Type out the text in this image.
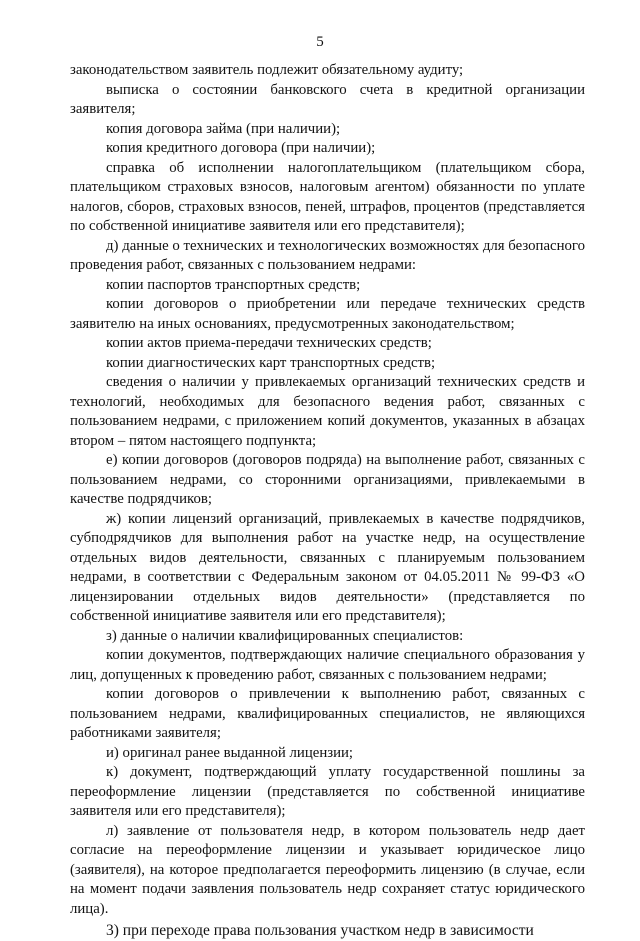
5

законодательством заявитель подлежит обязательному аудиту;

выписка о состоянии банковского счета в кредитной организации заявителя;

копия договора займа (при наличии);

копия кредитного договора (при наличии);

справка об исполнении налогоплательщиком (плательщиком сбора, плательщиком страховых взносов, налоговым агентом) обязанности по уплате налогов, сборов, страховых взносов, пеней, штрафов, процентов (представляется по собственной инициативе заявителя или его представителя);

д) данные о технических и технологических возможностях для безопасного проведения работ, связанных с пользованием недрами:

копии паспортов транспортных средств;

копии договоров о приобретении или передаче технических средств заявителю на иных основаниях, предусмотренных законодательством;

копии актов приема-передачи технических средств;

копии диагностических карт транспортных средств;

сведения о наличии у привлекаемых организаций технических средств и технологий, необходимых для безопасного ведения работ, связанных с пользованием недрами, с приложением копий документов, указанных в абзацах втором – пятом настоящего подпункта;

е) копии договоров (договоров подряда) на выполнение работ, связанных с пользованием недрами, со сторонними организациями, привлекаемыми в качестве подрядчиков;

ж) копии лицензий организаций, привлекаемых в качестве подрядчиков, субподрядчиков для выполнения работ на участке недр, на осуществление отдельных видов деятельности, связанных с планируемым пользованием недрами, в соответствии с Федеральным законом от 04.05.2011 № 99-ФЗ «О лицензировании отдельных видов деятельности» (представляется по собственной инициативе заявителя или его представителя);

з) данные о наличии квалифицированных специалистов:

копии документов, подтверждающих наличие специального образования у лиц, допущенных к проведению работ, связанных с пользованием недрами;

копии договоров о привлечении к выполнению работ, связанных с пользованием недрами, квалифицированных специалистов, не являющихся работниками заявителя;

и) оригинал ранее выданной лицензии;

к) документ, подтверждающий уплату государственной пошлины за переоформление лицензии (представляется по собственной инициативе заявителя или его представителя);

л) заявление от пользователя недр, в котором пользователь недр дает согласие на переоформление лицензии и указывает юридическое лицо (заявителя), на которое предполагается переоформить лицензию (в случае, если на момент подачи заявления пользователь недр сохраняет статус юридического лица).

3) при переходе права пользования участком недр в зависимости
